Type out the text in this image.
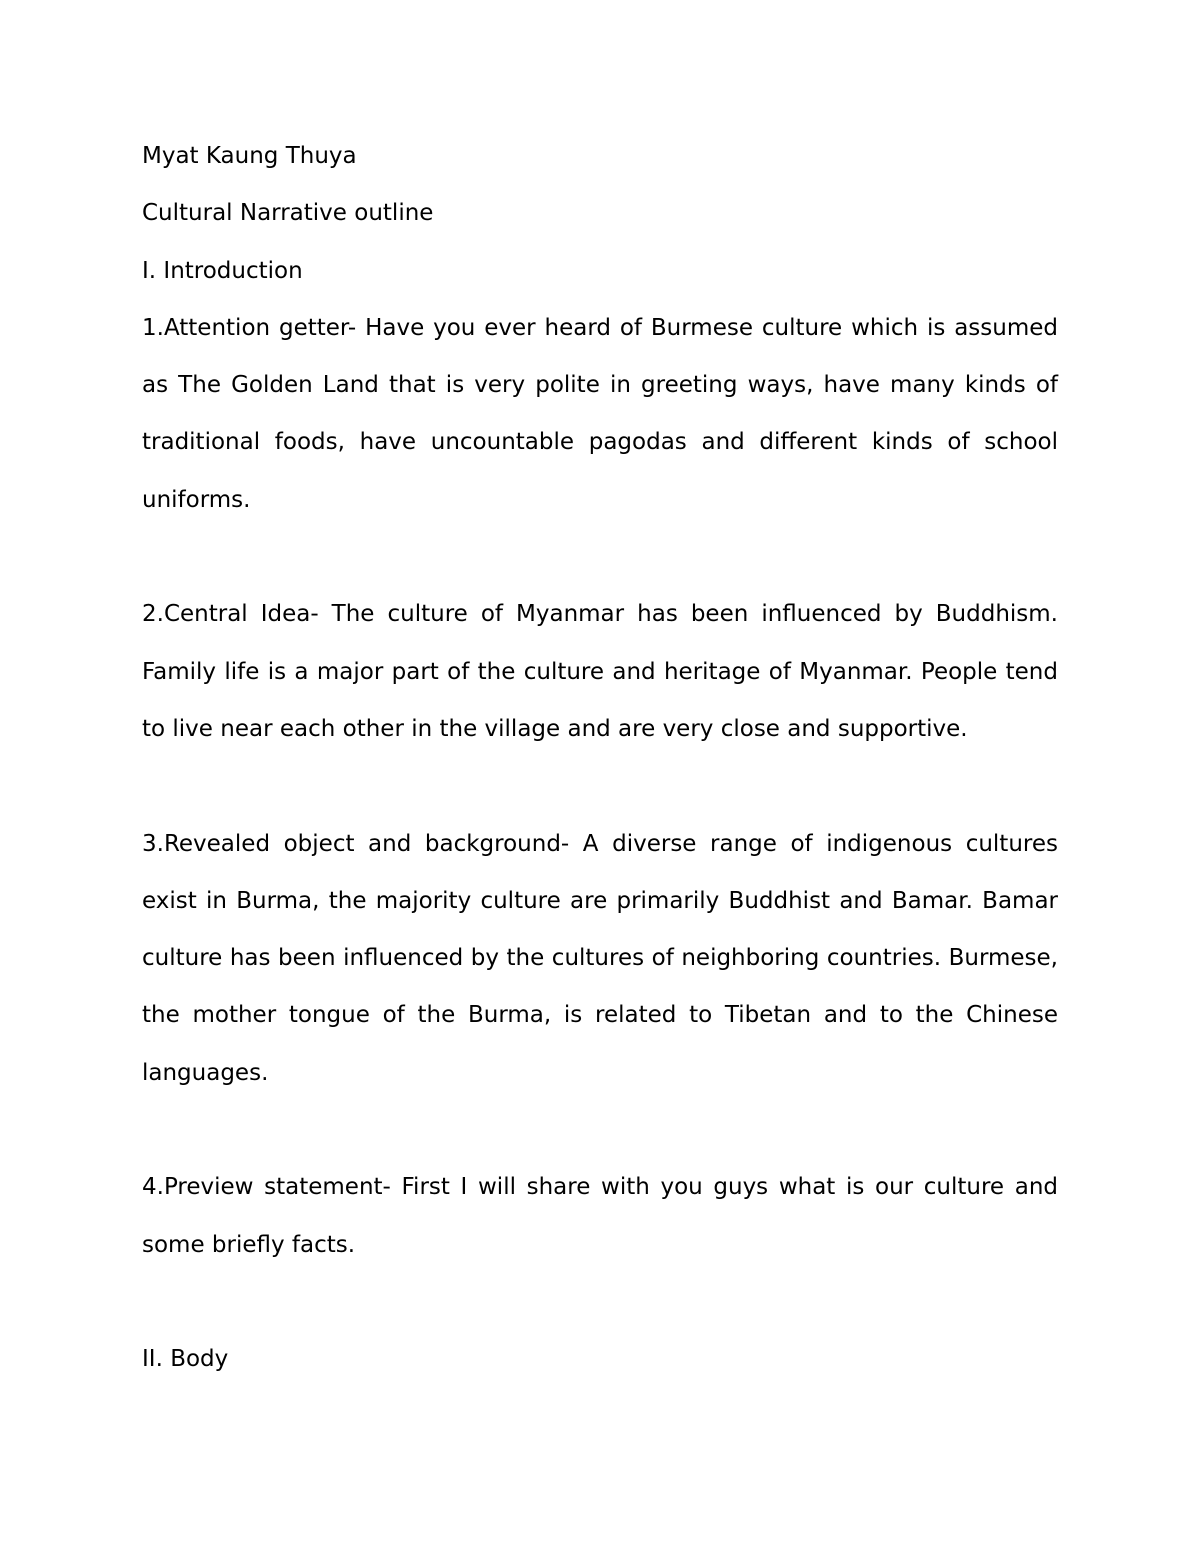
Myat Kaung Thuya

Cultural Narrative outline

I. Introduction

1.Attention getter- Have you ever heard of Burmese culture which is assumed as The Golden Land that is very polite in greeting ways, have many kinds of traditional foods, have uncountable pagodas and different kinds of school uniforms.

2.Central Idea- The culture of Myanmar has been influenced by Buddhism. Family life is a major part of the culture and heritage of Myanmar. People tend to live near each other in the village and are very close and supportive.

3.Revealed object and background- A diverse range of indigenous cultures exist in Burma, the majority culture are primarily Buddhist and Bamar. Bamar culture has been influenced by the cultures of neighboring countries. Burmese, the mother tongue of the Burma, is related to Tibetan and to the Chinese languages.

4.Preview statement- First I will share with you guys what is our culture and some briefly facts.

II. Body
